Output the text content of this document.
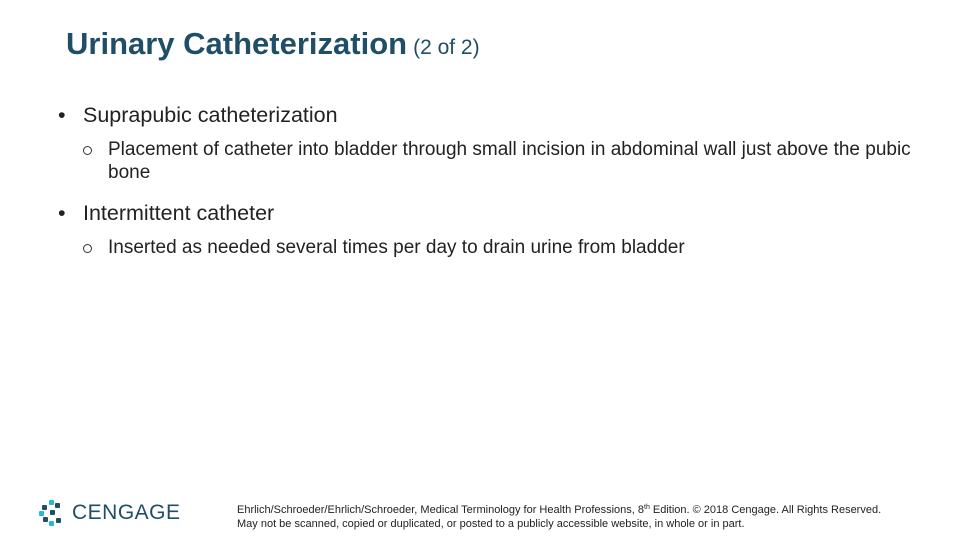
Urinary Catheterization (2 of 2)
• Suprapubic catheterization
Placement of catheter into bladder through small incision in abdominal wall just above the pubic bone
• Intermittent catheter
Inserted as needed several times per day to drain urine from bladder
CENGAGE	Ehrlich/Schroeder/Ehrlich/Schroeder, Medical Terminology for Health Professions, 8th Edition. © 2018 Cengage. All Rights Reserved.
May not be scanned, copied or duplicated, or posted to a publicly accessible website, in whole or in part.
